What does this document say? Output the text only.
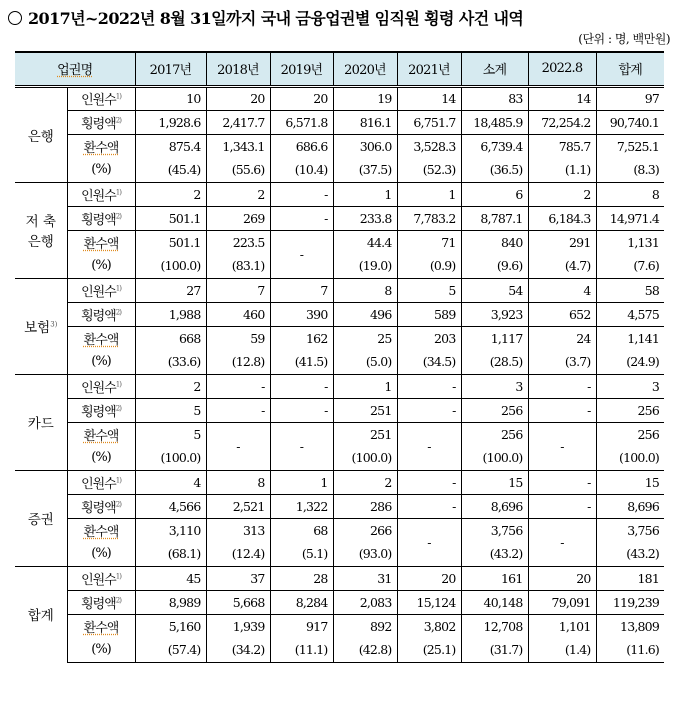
2017년~2022년 8월 31일까지 국내 금융업권별 임직원 횡령 사건 내역
(단위 : 명, 백만원)
업권명		2017년	2018년	2019년	2020년	2021년	소계	2022.8	합계
은행	인원수$^{1)}$	10	20	20	19	14	83	14	97
	횡령액$^{2)}$	1,928.6	2,417.7	6,571.8	816.1	6,751.7	18,485.9	72,254.2	90,740.1
	환수액	875.4	1,343.1	686.6	306.0	3,528.3	6,739.4	785.7	7,525.1
	(%)	(45.4)	(55.6)	(10.4)	(37.5)	(52.3)	(36.5)	(1.1)	(8.3)
저 축 은행	인원수$^{1)}$	2	2	-	1	1	6	2	8
	횡령액$^{2)}$	501.1	269	-	233.8	7,783.2	8,787.1	6,184.3	14,971.4
	환수액	501.1	223.5	-	44.4	71	840	291	1,131
	(%)	(100.0)	(83.1)		(19.0)	(0.9)	(9.6)	(4.7)	(7.6)
보험$^{3)}$	인원수$^{1)}$	27	7	7	8	5	54	4	58
	횡령액$^{2)}$	1,988	460	390	496	589	3,923	652	4,575
	환수액	668	59	162	25	203	1,117	24	1,141
	(%)	(33.6)	(12.8)	(41.5)	(5.0)	(34.5)	(28.5)	(3.7)	(24.9)
카드	인원수$^{1)}$	2	-	-	1	-	3	-	3
	횡령액$^{2)}$	5	-	-	251	-	256	-	256
	환수액	5	-	-	251	-	256	-	256
	(%)	(100.0)			(100.0)		(100.0)		(100.0)
증권	인원수$^{1)}$	4	8	1	2	-	15	-	15
	횡령액$^{2)}$	4,566	2,521	1,322	286	-	8,696	-	8,696
	환수액	3,110	313	68	266	-	3,756	-	3,756
	(%)	(68.1)	(12.4)	(5.1)	(93.0)		(43.2)		(43.2)
합계	인원수$^{1)}$	45	37	28	31	20	161	20	181
	횡령액$^{2)}$	8,989	5,668	8,284	2,083	15,124	40,148	79,091	119,239
	환수액	5,160	1,939	917	892	3,802	12,708	1,101	13,809
	(%)	(57.4)	(34.2)	(11.1)	(42.8)	(25.1)	(31.7)	(1.4)	(11.6)
